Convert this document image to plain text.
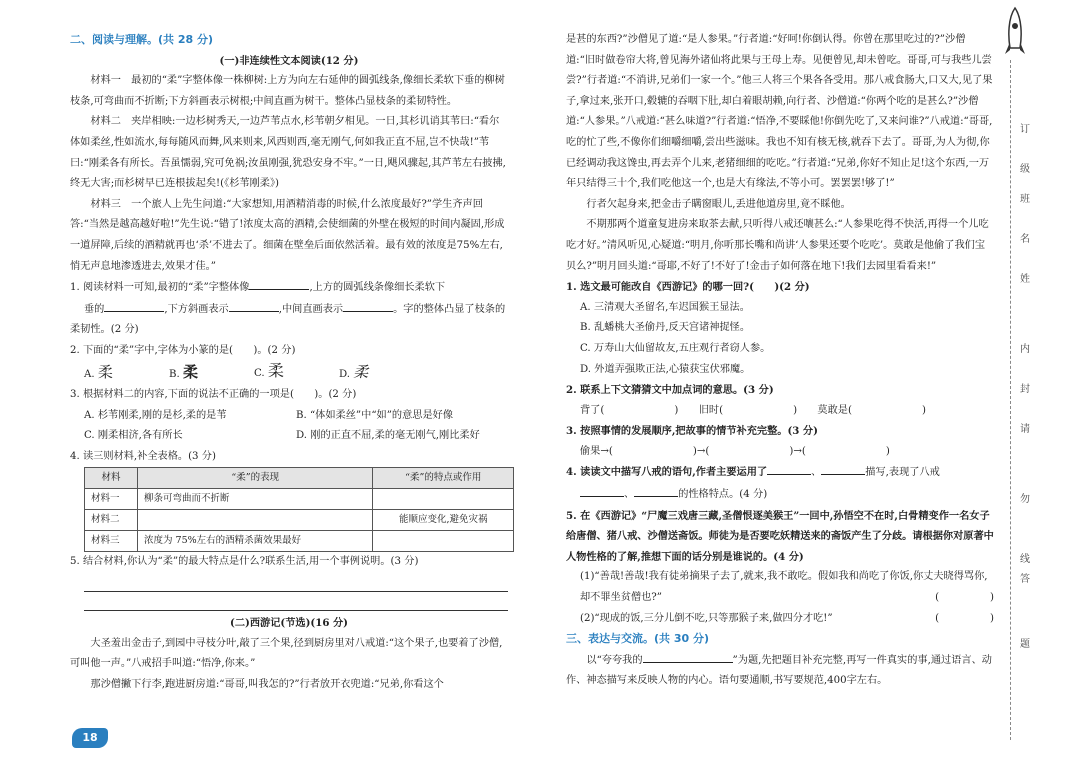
二、阅读与理解。(共 28 分)
(一)非连续性文本阅读(12 分)
材料一　最初的“柔”字整体像一株柳树:上方为向左右延伸的圆弧线条,像细长柔软下垂的柳树枝条,可弯曲而不折断;下方斜画表示树根;中间直画为树干。整体凸显枝条的柔韧特性。
材料二　夹岸相映:一边杉树秀天,一边芦苇点水,杉苇朝夕相见。一日,其杉讥诮其苇曰:“看尔体如柔丝,性如流水,每每随风而舞,风来则来,风西则西,毫无刚气,何如我正直不屈,岂不快哉!”苇曰:“刚柔各有所长。吾虽懦弱,究可免祸;汝虽刚强,犹恐安身不牢。”一日,飓风骤起,其芦苇左右披拂,终无大害;而杉树早已连根拔起矣!(《杉苇刚柔》)
材料三　一个旅人上先生问道:“大家想知,用酒精消毒的时候,什么浓度最好?”学生齐声回答:“当然是越高越好啦!”先生说:“错了!浓度太高的酒精,会使细菌的外壁在极短的时间内凝固,形成一道屏障,后续的酒精就再也‘杀’不进去了。细菌在壁垒后面依然活着。最有效的浓度是75%左右,悄无声息地渗透进去,效果才佳。”
1. 阅读材料一可知,最初的“柔”字整体像	,上方的圆弧线条像细长柔软下
垂的	,下方斜画表示	,中间直画表示	。字的整体凸显了枝条的柔韧性。(2 分)
2. 下面的“柔”字中,字体为小篆的是(　　)。(2 分)
A. 柔	B. 柔	C. 柔	D. 柔
3. 根据材料二的内容,下面的说法不正确的一项是(　　)。(2 分)
A. 杉苇刚柔,刚的是杉,柔的是苇	B. “体如柔丝”中“如”的意思是好像
C. 刚柔相济,各有所长	D. 刚的正直不屈,柔的毫无刚气,刚比柔好
4. 读三则材料,补全表格。(3 分)
材料	“柔”的表现	“柔”的特点或作用
材料一	柳条可弯曲而不折断	
材料二		能顺应变化,避免灾祸
材料三	浓度为 75%左右的酒精杀菌效果最好	
5. 结合材料,你认为“柔”的最大特点是什么?联系生活,用一个事例说明。(3 分)
(二)西游记(节选)(16 分)
大圣羞出金击子,到园中寻枝分叶,敲了三个果,径到厨房里对八戒道:“这个果子,也要着了沙僧,可叫他一声。”八戒招手叫道:“悟净,你来。”
那沙僧撇下行李,跑进厨房道:“哥哥,叫我怎的?”行者放开衣兜道:“兄弟,你看这个
18
是甚的东西?”沙僧见了道:“是人参果。”行者道:“好呵!你倒认得。你曾在那里吃过的?”沙僧道:“旧时做卷帘大将,曾见海外诸仙将此果与王母上寿。见便曾见,却未曾吃。哥哥,可与我些儿尝尝?”行者道:“不消讲,兄弟们一家一个。”他三人将三个果各各受用。那八戒食肠大,口又大,见了果子,拿过来,张开口,毂辘的吞咽下肚,却白着眼胡赖,向行者、沙僧道:“你两个吃的是甚么?”沙僧道:“人参果。”八戒道:“甚么味道?”行者道:“悟净,不要睬他!你倒先吃了,又来问谁?”八戒道:“哥哥,吃的忙了些,不像你们细嚼细嚼,尝出些滋味。我也不知有核无核,就吞下去了。哥哥,为人为彻,你已经调动我这馋虫,再去弄个儿来,老猪细细的吃吃。”行者道:“兄弟,你好不知止足!这个东西,一万年只结得三十个,我们吃他这一个,也是大有缘法,不等小可。罢罢罢!够了!”
行者欠起身来,把金击子瞒窗眼儿,丢进他道房里,竟不睬他。
不期那两个道童复进房来取茶去献,只听得八戒还嚷甚么:“人参果吃得不快活,再得一个儿吃吃才好。”清风听见,心疑道:“明月,你听那长嘴和尚讲‘人参果还要个吃吃’。莫敢是他偷了我们宝贝么?”明月回头道:“哥耶,不好了!不好了!金击子如何落在地下!我们去园里看看来!”
1. 选文最可能改自《西游记》的哪一回?(　　)(2 分)
A. 三清观大圣留名,车迟国猴王显法。
B. 乱蟠桃大圣偷丹,反天宫诸神捉怪。
C. 万寿山大仙留故友,五庄观行者窃人参。
D. 外道弄强欺正法,心猿获宝伏邪魔。
2. 联系上下文猜猜文中加点词的意思。(3 分)
背了(	)　　旧时(	)　　莫敢是(	)
3. 按照事情的发展顺序,把故事的情节补充完整。(3 分)
偷果→(	)→(	)→(	)
4. 读读文中描写八戒的语句,作者主要运用了	、	描写,表现了八戒
、	的性格特点。(4 分)
5. 在《西游记》“尸魔三戏唐三藏,圣僧恨逐美猴王”一回中,孙悟空不在时,白骨精变作一名女子给唐僧、猪八戒、沙僧送斋饭。师徒为是否要吃妖精送来的斋饭产生了分歧。请根据你对原著中人物性格的了解,推想下面的话分别是谁说的。(4 分)
(1)“善哉!善哉!我有徒弟摘果子去了,就来,我不敢吃。假如我和尚吃了你饭,你丈夫晓得骂你,却不罪坐贫僧也?”	(　　　　　)
(2)“现成的饭,三分儿倒不吃,只等那猴子来,做四分才吃!”	(　　　　　)
三、表达与交流。(共 30 分)
以“夸夸我的	”为题,先把题目补充完整,再写一件真实的事,通过语言、动作、神态描写来反映人物的内心。语句要通顺,书写要规范,400字左右。
订
班
姓
内
封
请
勿
线
答
题
级
名
